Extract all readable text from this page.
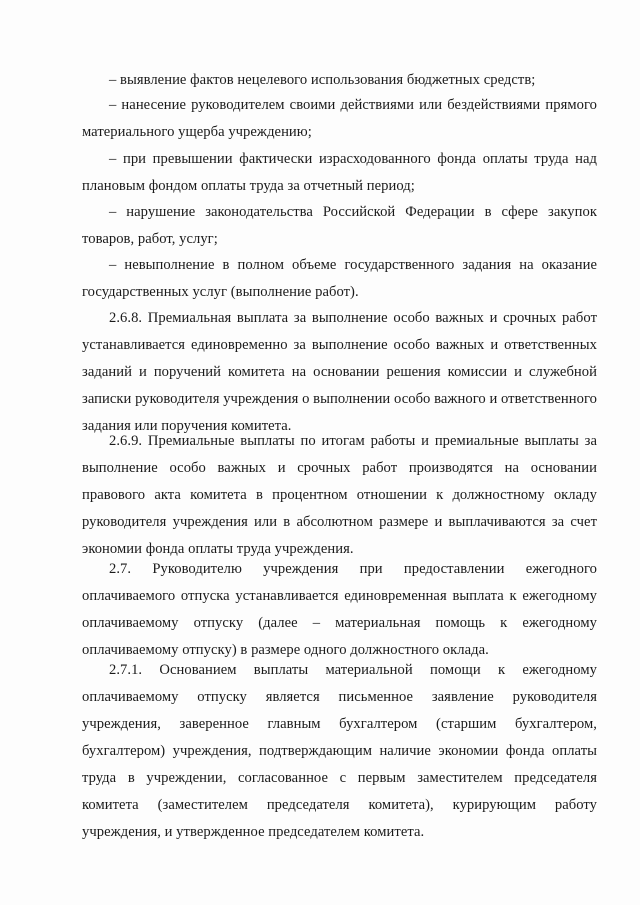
– выявление фактов нецелевого использования бюджетных средств;

– нанесение руководителем своими действиями или бездействиями прямого материального ущерба учреждению;

– при превышении фактически израсходованного фонда оплаты труда над плановым фондом оплаты труда за отчетный период;

– нарушение законодательства Российской Федерации в сфере закупок товаров, работ, услуг;

– невыполнение в полном объеме государственного задания на оказание государственных услуг (выполнение работ).

2.6.8. Премиальная выплата за выполнение особо важных и срочных работ устанавливается единовременно за выполнение особо важных и ответственных заданий и поручений комитета на основании решения комиссии и служебной записки руководителя учреждения о выполнении особо важного и ответственного задания или поручения комитета.

2.6.9. Премиальные выплаты по итогам работы и премиальные выплаты за выполнение особо важных и срочных работ производятся на основании правового акта комитета в процентном отношении к должностному окладу руководителя учреждения или в абсолютном размере и выплачиваются за счет экономии фонда оплаты труда учреждения.

2.7. Руководителю учреждения при предоставлении ежегодного оплачиваемого отпуска устанавливается единовременная выплата к ежегодному оплачиваемому отпуску (далее – материальная помощь к ежегодному оплачиваемому отпуску) в размере одного должностного оклада.

2.7.1. Основанием выплаты материальной помощи к ежегодному оплачиваемому отпуску является письменное заявление руководителя учреждения, заверенное главным бухгалтером (старшим бухгалтером, бухгалтером) учреждения, подтверждающим наличие экономии фонда оплаты труда в учреждении, согласованное с первым заместителем председателя комитета (заместителем председателя комитета), курирующим работу учреждения, и утвержденное председателем комитета.
